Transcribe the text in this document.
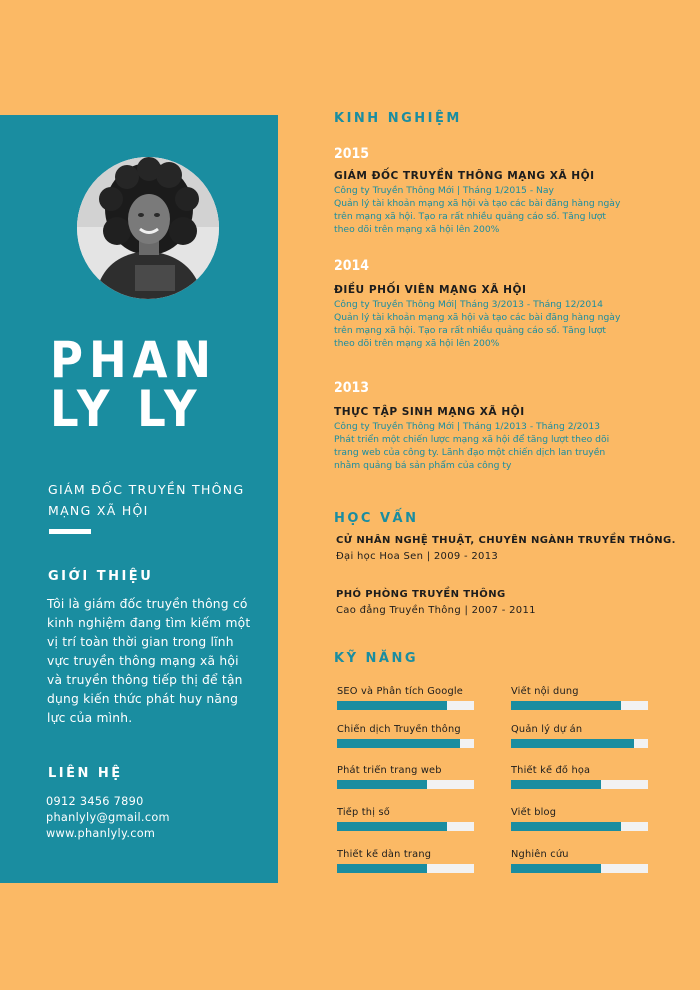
PHAN
LY LY
GIÁM ĐỐC TRUYỀN THÔNG
MẠNG XÃ HỘI
GIỚI THIỆU
Tôi là giám đốc truyền thông có kinh nghiệm đang tìm kiếm một vị trí toàn thời gian trong lĩnh vực truyền thông mạng xã hội và truyền thông tiếp thị để tận dụng kiến thức phát huy năng lực của mình.
LIÊN HỆ
0912 3456 7890
phanlyly@gmail.com
www.phanlyly.com
KINH NGHIỆM
2015
GIÁM ĐỐC TRUYỀN THÔNG MẠNG XÃ HỘI
Công ty Truyền Thông Mới | Tháng 1/2015 - Nay
Quản lý tài khoản mạng xã hội và tạo các bài đăng hàng ngày
trên mạng xã hội. Tạo ra rất nhiều quảng cáo số. Tăng lượt
theo dõi trên mạng xã hội lên 200%
2014
ĐIỀU PHỐI VIÊN MẠNG XÃ HỘI
Công ty Truyền Thông Mới| Tháng 3/2013 - Tháng 12/2014
Quản lý tài khoản mạng xã hội và tạo các bài đăng hàng ngày
trên mạng xã hội. Tạo ra rất nhiều quảng cáo số. Tăng lượt
theo dõi trên mạng xã hội lên 200%
2013
THỰC TẬP SINH MẠNG XÃ HỘI
Công ty Truyền Thông Mới | Tháng 1/2013 - Tháng 2/2013
Phát triển một chiến lược mạng xã hội để tăng lượt theo dõi
trang web của công ty. Lãnh đạo một chiến dịch lan truyền
nhằm quảng bá sản phẩm của công ty
HỌC VẤN
CỬ NHÂN NGHỆ THUẬT, CHUYÊN NGÀNH TRUYỀN THÔNG.
Đại học Hoa Sen | 2009 - 2013
PHÓ PHÒNG TRUYỀN THÔNG
Cao đẳng Truyền Thông | 2007 - 2011
KỸ NĂNG
SEO và Phân tích Google	Viết nội dung
Chiến dịch Truyền thông	Quản lý dự án
Phát triển trang web	Thiết kế đồ họa
Tiếp thị số	Viết blog
Thiết kế dàn trang	Nghiên cứu
